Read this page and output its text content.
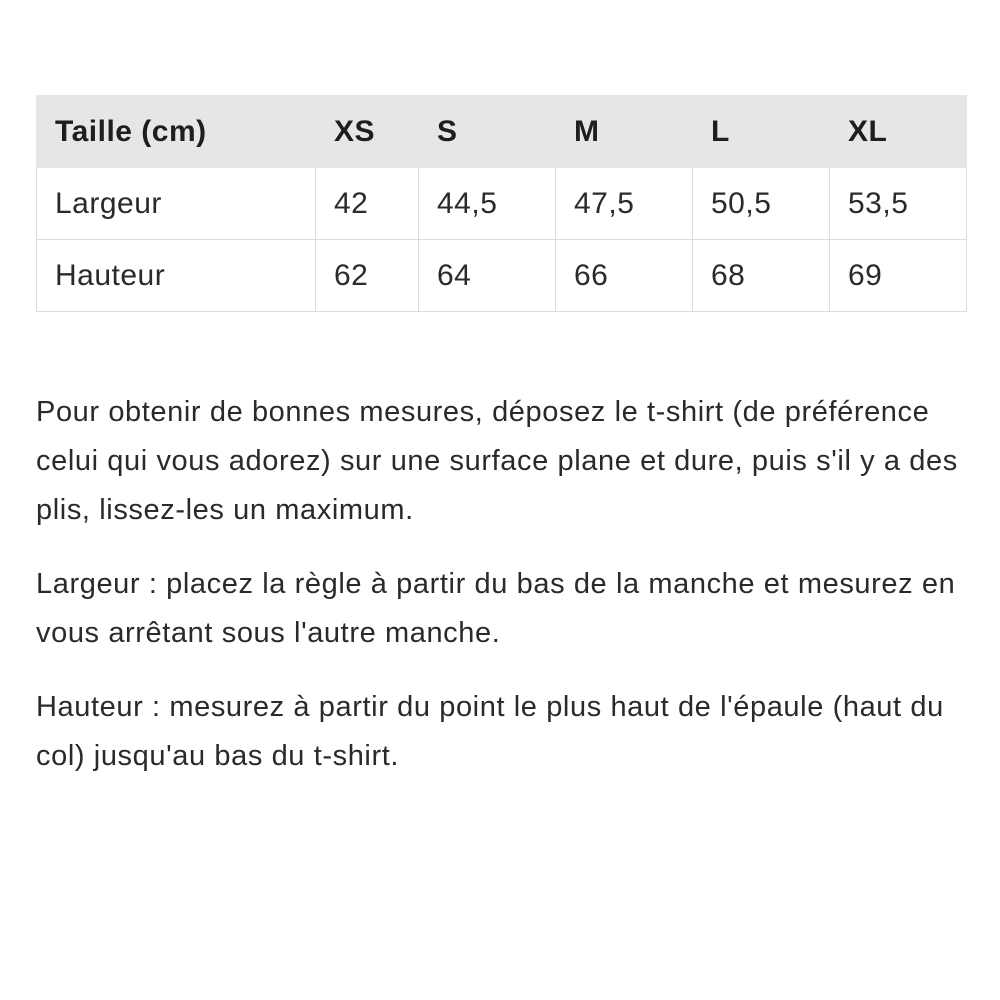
Taille (cm)	XS	S	M	L	XL
Largeur	42	44,5	47,5	50,5	53,5
Hauteur	62	64	66	68	69

Pour obtenir de bonnes mesures, déposez le t-shirt (de préférence celui qui vous adorez) sur une surface plane et dure, puis s'il y a des plis, lissez-les un maximum.

Largeur : placez la règle à partir du bas de la manche et mesurez en vous arrêtant sous l'autre manche.

Hauteur : mesurez à partir du point le plus haut de l'épaule (haut du col) jusqu'au bas du t-shirt.
